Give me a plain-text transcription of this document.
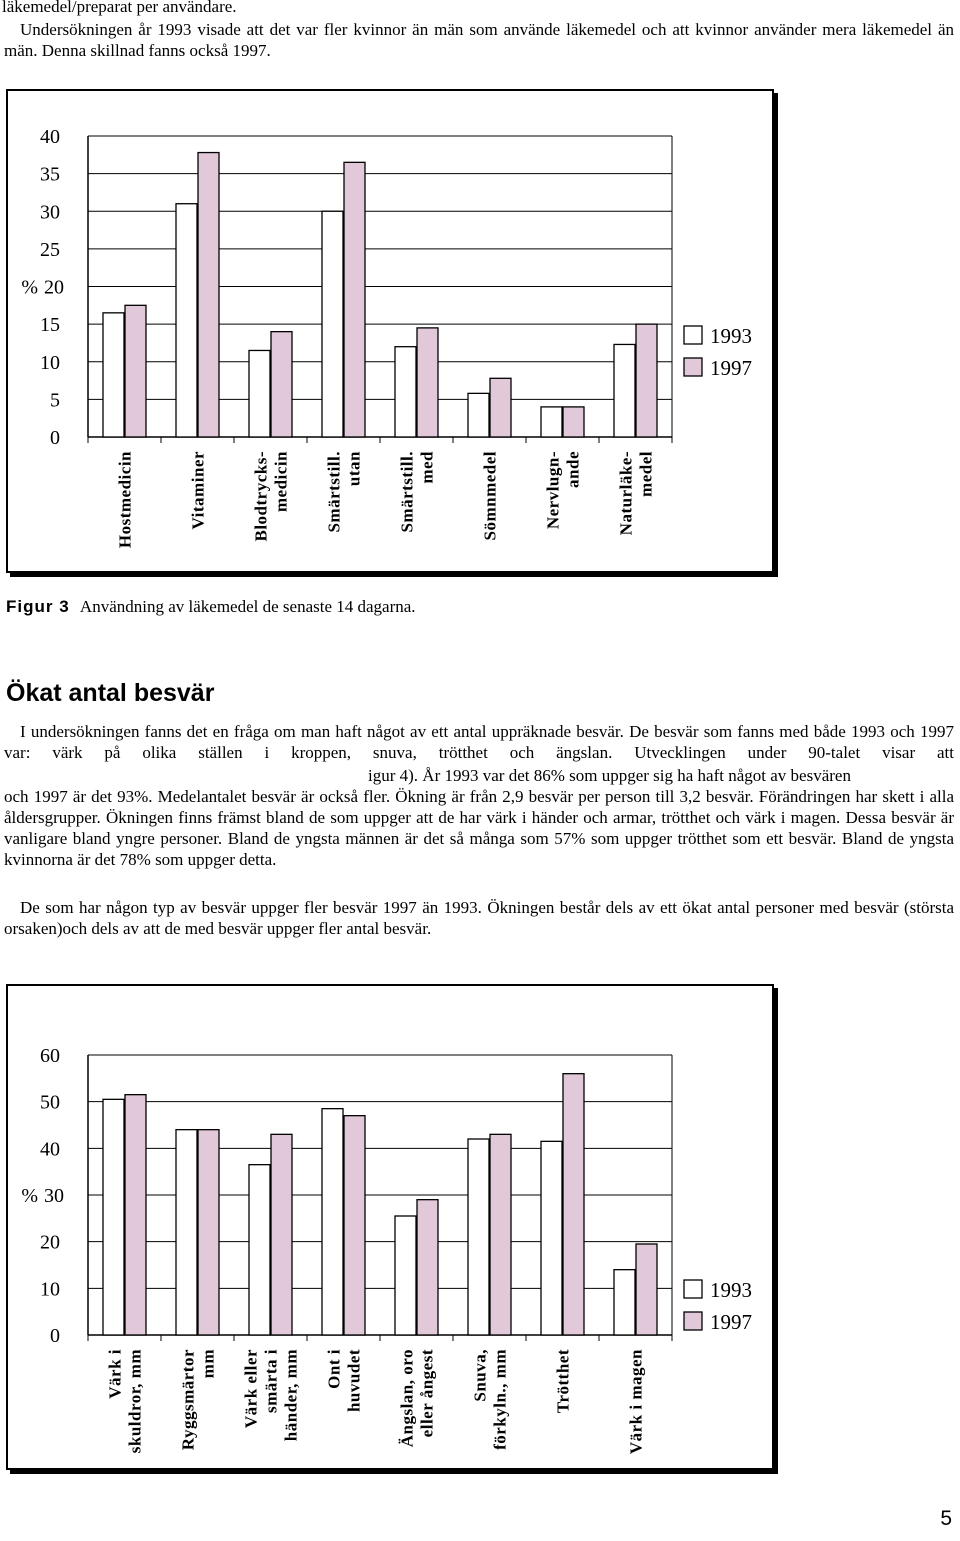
läkemedel/preparat per användare.
Undersökningen år 1993 visade att det var fler kvinnor än män som använde läkemedel och att kvinnor använder mera läkemedel än män. Denna skillnad fanns också 1997.
0
5
10
15
20
25
30
35
40
%
Hostmedicin	Vitaminer	Blodtrycks- medicin Smärtstill. utan Smärtstill. med	Sömnmedel	Nervlugn- ande Naturläke- medel
1993
1997
Figur 3 Användning av läkemedel de senaste 14 dagarna.
Ökat antal besvär
I undersökningen fanns det en fråga om man haft något av ett antal uppräknade besvär. De besvär som fanns med både 1993 och 1997 var: värk på olika ställen i kroppen, snuva, trötthet och ängslan. Utvecklingen under 90-talet visar att
igur 4). År 1993 var det 86% som uppger sig ha haft något av besvären
och 1997 är det 93%. Medelantalet besvär är också fler. Ökning är från 2,9 besvär per person till 3,2 besvär. Förändringen har skett i alla åldersgrupper. Ökningen finns främst bland de som uppger att de har värk i händer och armar, trötthet och värk i magen. Dessa besvär är vanligare bland yngre personer. Bland de yngsta männen är det så många som 57% som uppger trötthet som ett besvär. Bland de yngsta kvinnorna är det 78% som uppger detta.
De som har någon typ av besvär uppger fler besvär 1997 än 1993. Ökningen består dels av ett ökat antal personer med besvär (största orsaken)och dels av att de med besvär uppger fler antal besvär.
0
10
20
30
40
50
60
%
Värk i skuldror, mm Ryggsmärtor mm Värk eller smärta i händer, mm Ont i huvudet Ängslan, oro eller ångest Snuva, förkyln., mm	Trötthet	Värk i magen
1993
1997
5
